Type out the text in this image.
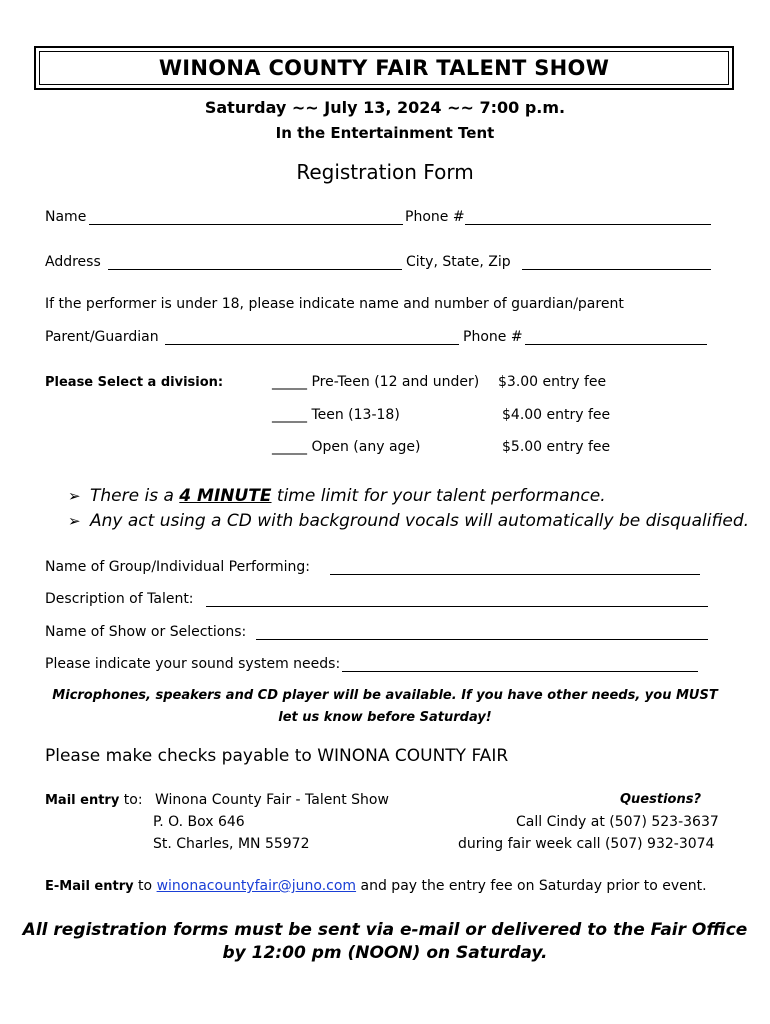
WINONA COUNTY FAIR TALENT SHOW
Saturday ~~ July 13, 2024 ~~ 7:00 p.m.
In the Entertainment Tent
Registration Form
Name	Phone #
Address	City, State, Zip
If the performer is under 18, please indicate name and number of guardian/parent
Parent/Guardian	Phone #
Please Select a division:	_____ Pre-Teen (12 and under) $3.00 entry fee
_____ Teen (13-18)	$4.00 entry fee
_____ Open (any age)	$5.00 entry fee
➢ There is a 4 MINUTE time limit for your talent performance.
➢ Any act using a CD with background vocals will automatically be disqualified.
Name of Group/Individual Performing:
Description of Talent:
Name of Show or Selections:
Please indicate your sound system needs:
Microphones, speakers and CD player will be available. If you have other needs, you MUST
let us know before Saturday!
Please make checks payable to WINONA COUNTY FAIR
Mail entry to: Winona County Fair - Talent Show
P. O. Box 646
St. Charles, MN 55972
Questions?
Call Cindy at (507) 523-3637
during fair week call (507) 932-3074
E-Mail entry to winonacountyfair@juno.com and pay the entry fee on Saturday prior to event.
All registration forms must be sent via e-mail or delivered to the Fair Office
by 12:00 pm (NOON) on Saturday.
